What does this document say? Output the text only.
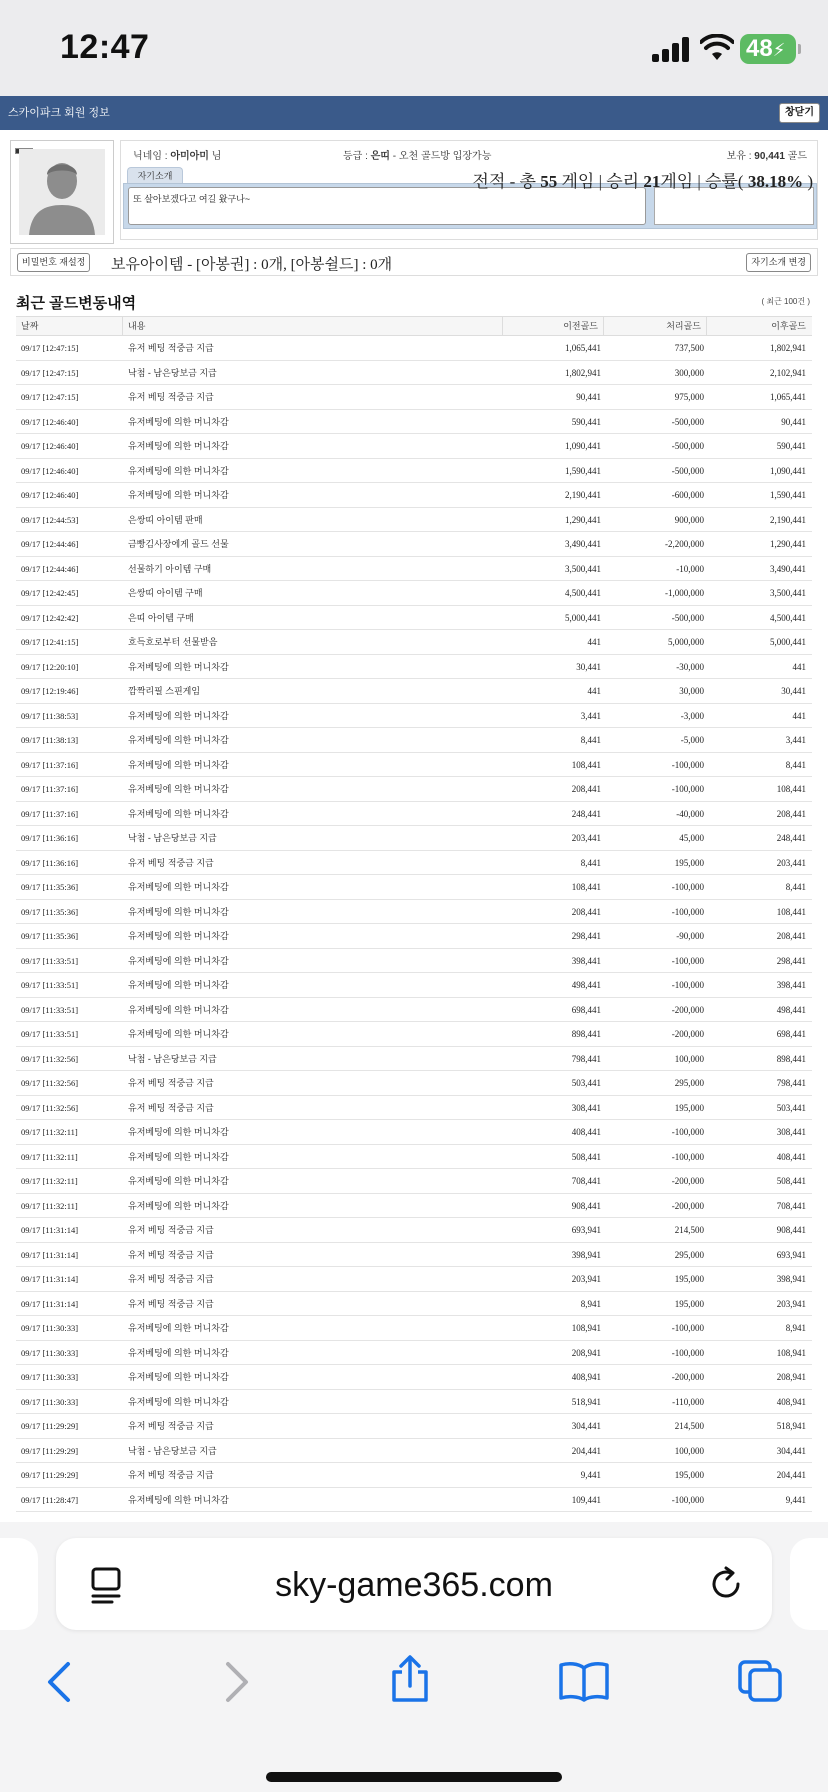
12:47	48⚡
스카이파크 회원 정보	창닫기
닉네임 : 아미아미 님	등급 : 은띠 - 오천 골드방 입장가능	보유 : 90,441 골드
자기소개
또 살아보겠다고 여길 왔구나~
전적 - 총 55 게임 | 승리 21게임 | 승률( 38.18% )
비밀번호 재설정	보유아이템 - [아봉권] : 0개, [아봉쉴드] : 0개	자기소개 변경
최근 골드변동내역	( 최근 100건 )
날짜	내용	이전골드	처리골드	이후골드
09/17 [12:47:15]	유저 베팅 적중금 지급	1,065,441	737,500	1,802,941
09/17 [12:47:15]	낙첨 - 남은당보금 지급	1,802,941	300,000	2,102,941
09/17 [12:47:15]	유저 베팅 적중금 지급	90,441	975,000	1,065,441
09/17 [12:46:40]	유저베팅에 의한 머니차감	590,441	-500,000	90,441
09/17 [12:46:40]	유저베팅에 의한 머니차감	1,090,441	-500,000	590,441
09/17 [12:46:40]	유저베팅에 의한 머니차감	1,590,441	-500,000	1,090,441
09/17 [12:46:40]	유저베팅에 의한 머니차감	2,190,441	-600,000	1,590,441
09/17 [12:44:53]	은쌍띠 아이템 판매	1,290,441	900,000	2,190,441
09/17 [12:44:46]	금빵김사장에게 골드 선물	3,490,441	-2,200,000	1,290,441
09/17 [12:44:46]	선물하기 아이템 구매	3,500,441	-10,000	3,490,441
09/17 [12:42:45]	은쌍띠 아이템 구매	4,500,441	-1,000,000	3,500,441
09/17 [12:42:42]	은띠 아이템 구매	5,000,441	-500,000	4,500,441
09/17 [12:41:15]	흐득흐로부터 선물받음	441	5,000,000	5,000,441
09/17 [12:20:10]	유저베팅에 의한 머니차감	30,441	-30,000	441
09/17 [12:19:46]	깜짝리필 스핀게임	441	30,000	30,441
09/17 [11:38:53]	유저베팅에 의한 머니차감	3,441	-3,000	441
09/17 [11:38:13]	유저베팅에 의한 머니차감	8,441	-5,000	3,441
09/17 [11:37:16]	유저베팅에 의한 머니차감	108,441	-100,000	8,441
09/17 [11:37:16]	유저베팅에 의한 머니차감	208,441	-100,000	108,441
09/17 [11:37:16]	유저베팅에 의한 머니차감	248,441	-40,000	208,441
09/17 [11:36:16]	낙첨 - 남은당보금 지급	203,441	45,000	248,441
09/17 [11:36:16]	유저 베팅 적중금 지급	8,441	195,000	203,441
09/17 [11:35:36]	유저베팅에 의한 머니차감	108,441	-100,000	8,441
09/17 [11:35:36]	유저베팅에 의한 머니차감	208,441	-100,000	108,441
09/17 [11:35:36]	유저베팅에 의한 머니차감	298,441	-90,000	208,441
09/17 [11:33:51]	유저베팅에 의한 머니차감	398,441	-100,000	298,441
09/17 [11:33:51]	유저베팅에 의한 머니차감	498,441	-100,000	398,441
09/17 [11:33:51]	유저베팅에 의한 머니차감	698,441	-200,000	498,441
09/17 [11:33:51]	유저베팅에 의한 머니차감	898,441	-200,000	698,441
09/17 [11:32:56]	낙첨 - 남은당보금 지급	798,441	100,000	898,441
09/17 [11:32:56]	유저 베팅 적중금 지급	503,441	295,000	798,441
09/17 [11:32:56]	유저 베팅 적중금 지급	308,441	195,000	503,441
09/17 [11:32:11]	유저베팅에 의한 머니차감	408,441	-100,000	308,441
09/17 [11:32:11]	유저베팅에 의한 머니차감	508,441	-100,000	408,441
09/17 [11:32:11]	유저베팅에 의한 머니차감	708,441	-200,000	508,441
09/17 [11:32:11]	유저베팅에 의한 머니차감	908,441	-200,000	708,441
09/17 [11:31:14]	유저 베팅 적중금 지급	693,941	214,500	908,441
09/17 [11:31:14]	유저 베팅 적중금 지급	398,941	295,000	693,941
09/17 [11:31:14]	유저 베팅 적중금 지급	203,941	195,000	398,941
09/17 [11:31:14]	유저 베팅 적중금 지급	8,941	195,000	203,941
09/17 [11:30:33]	유저베팅에 의한 머니차감	108,941	-100,000	8,941
09/17 [11:30:33]	유저베팅에 의한 머니차감	208,941	-100,000	108,941
09/17 [11:30:33]	유저베팅에 의한 머니차감	408,941	-200,000	208,941
09/17 [11:30:33]	유저베팅에 의한 머니차감	518,941	-110,000	408,941
09/17 [11:29:29]	유저 베팅 적중금 지급	304,441	214,500	518,941
09/17 [11:29:29]	낙첨 - 남은당보금 지급	204,441	100,000	304,441
09/17 [11:29:29]	유저 베팅 적중금 지급	9,441	195,000	204,441
09/17 [11:28:47]	유저베팅에 의한 머니차감	109,441	-100,000	9,441
sky-game365.com
